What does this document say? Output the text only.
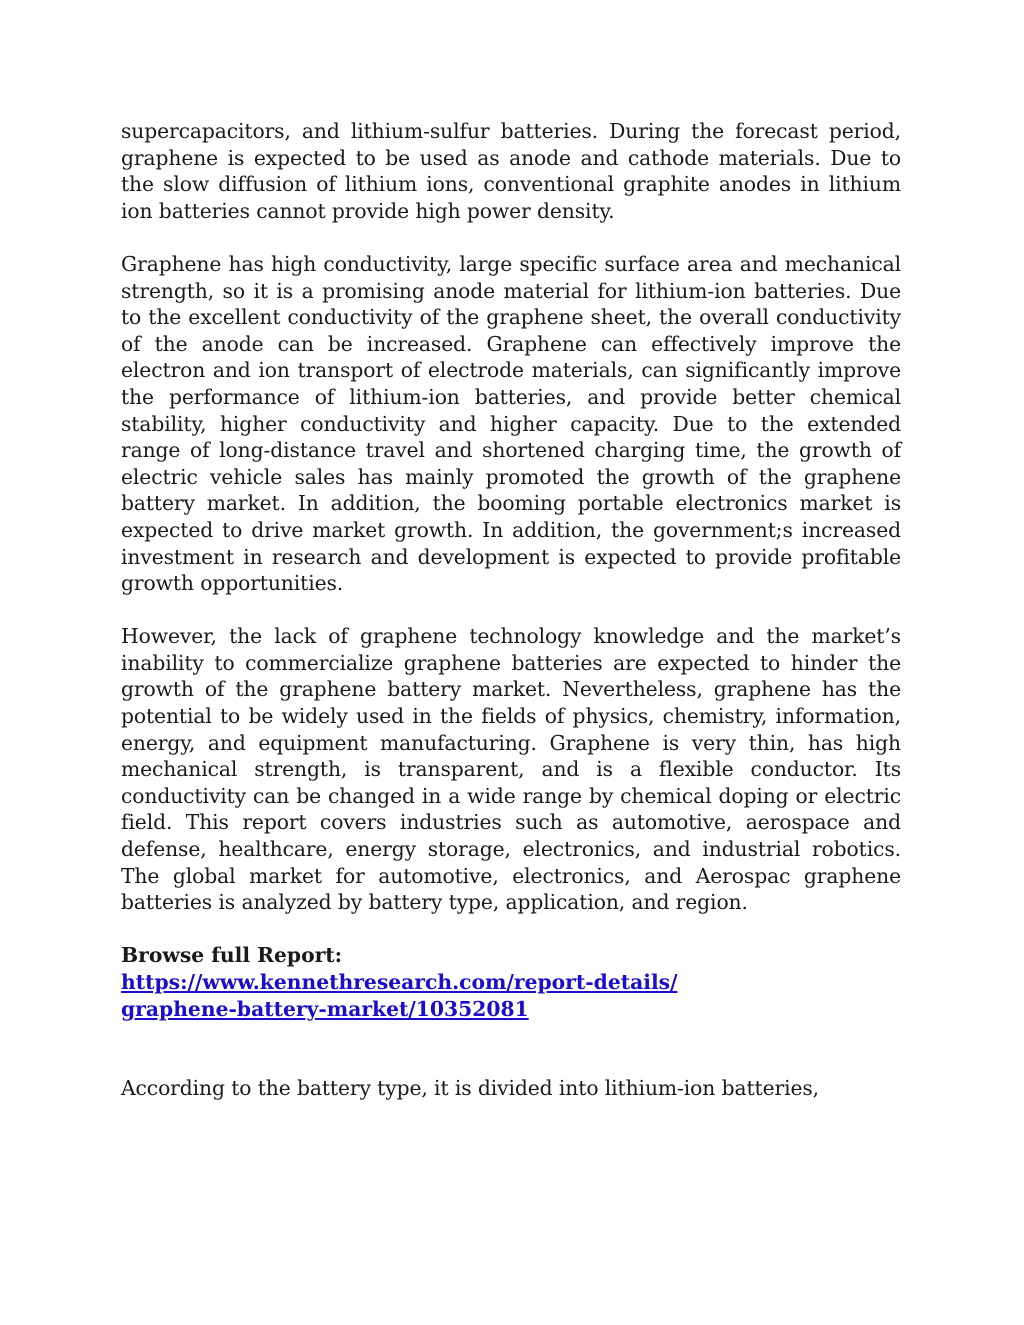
supercapacitors, and lithium-sulfur batteries. During the forecast period, graphene is expected to be used as anode and cathode materials. Due to the slow diffusion of lithium ions, conventional graphite anodes in lithium ion batteries cannot provide high power density.

Graphene has high conductivity, large specific surface area and mechanical strength, so it is a promising anode material for lithium-ion batteries. Due to the excellent conductivity of the graphene sheet, the overall conductivity of the anode can be increased. Graphene can effectively improve the electron and ion transport of electrode materials, can significantly improve the performance of lithium-ion batteries, and provide better chemical stability, higher conductivity and higher capacity. Due to the extended range of long-distance travel and shortened charging time, the growth of electric vehicle sales has mainly promoted the growth of the graphene battery market. In addition, the booming portable electronics market is expected to drive market growth. In addition, the government;s increased investment in research and development is expected to provide profitable growth opportunities.

However, the lack of graphene technology knowledge and the market’s inability to commercialize graphene batteries are expected to hinder the growth of the graphene battery market. Nevertheless, graphene has the potential to be widely used in the fields of physics, chemistry, information, energy, and equipment manufacturing. Graphene is very thin, has high mechanical strength, is transparent, and is a flexible conductor. Its conductivity can be changed in a wide range by chemical doping or electric field. This report covers industries such as automotive, aerospace and defense, healthcare, energy storage, electronics, and industrial robotics. The global market for automotive, electronics, and Aerospac graphene batteries is analyzed by battery type, application, and region.

Browse full Report:

https://www.kennethresearch.com/report-details/graphene-battery-market/10352081

According to the battery type, it is divided into lithium-ion batteries,
